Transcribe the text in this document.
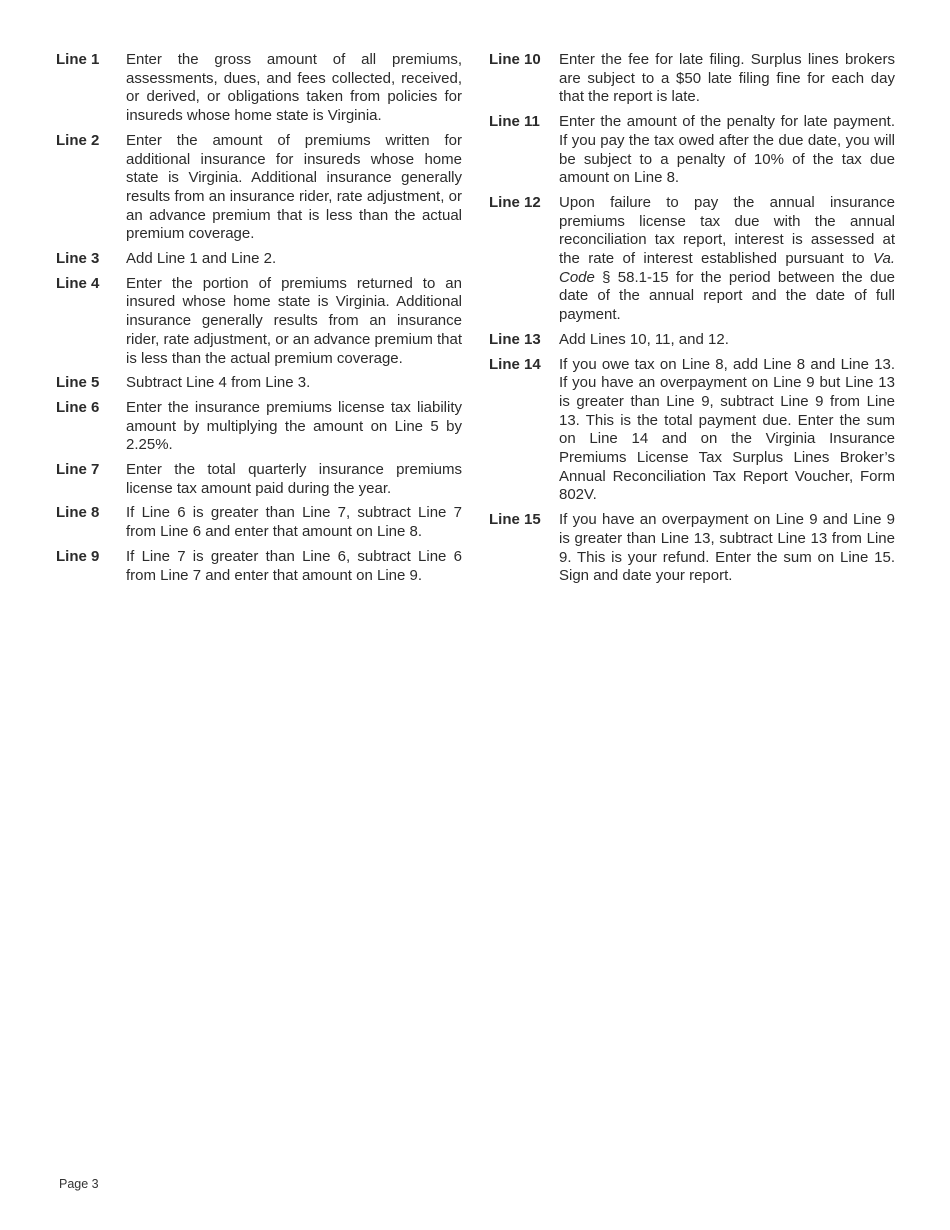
Line 1	Enter the gross amount of all premiums, assessments, dues, and fees collected, received, or derived, or obligations taken from policies for insureds whose home state is Virginia.
Line 2	Enter the amount of premiums written for additional insurance for insureds whose home state is Virginia. Additional insurance generally results from an insurance rider, rate adjustment, or an advance premium that is less than the actual premium coverage.
Line 3	Add Line 1 and Line 2.
Line 4	Enter the portion of premiums returned to an insured whose home state is Virginia. Additional insurance generally results from an insurance rider, rate adjustment, or an advance premium that is less than the actual premium coverage.
Line 5	Subtract Line 4 from Line 3.
Line 6	Enter the insurance premiums license tax liability amount by multiplying the amount on Line 5 by 2.25%.
Line 7	Enter the total quarterly insurance premiums license tax amount paid during the year.
Line 8	If Line 6 is greater than Line 7, subtract Line 7 from Line 6 and enter that amount on Line 8.
Line 9	If Line 7 is greater than Line 6, subtract Line 6 from Line 7 and enter that amount on Line 9.
Line 10	Enter the fee for late filing. Surplus lines brokers are subject to a $50 late filing fine for each day that the report is late.
Line 11	Enter the amount of the penalty for late payment. If you pay the tax owed after the due date, you will be subject to a penalty of 10% of the tax due amount on Line 8.
Line 12	Upon failure to pay the annual insurance premiums license tax due with the annual reconciliation tax report, interest is assessed at the rate of interest established pursuant to Va. Code § 58.1-15 for the period between the due date of the annual report and the date of full payment.
Line 13	Add Lines 10, 11, and 12.
Line 14	If you owe tax on Line 8, add Line 8 and Line 13. If you have an overpayment on Line 9 but Line 13 is greater than Line 9, subtract Line 9 from Line 13. This is the total payment due. Enter the sum on Line 14 and on the Virginia Insurance Premiums License Tax Surplus Lines Broker’s Annual Reconciliation Tax Report Voucher, Form 802V.
Line 15	If you have an overpayment on Line 9 and Line 9 is greater than Line 13, subtract Line 13 from Line 9. This is your refund. Enter the sum on Line 15. Sign and date your report.
Page 3
